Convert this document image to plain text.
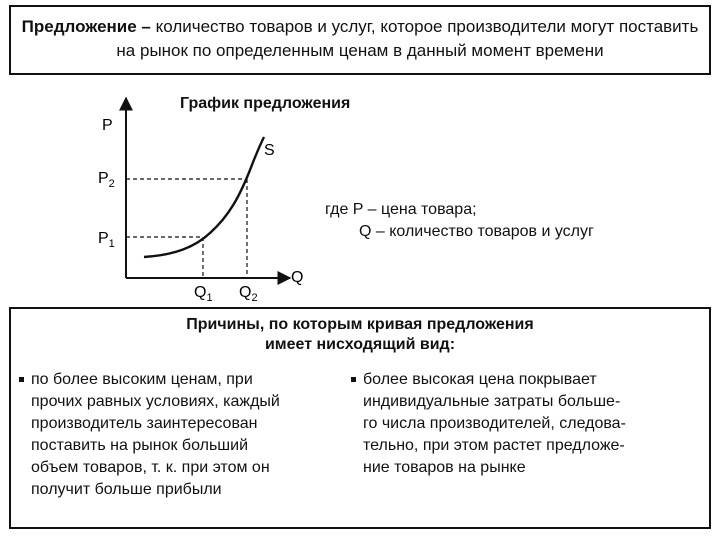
Предложение – количество товаров и услуг, которое производители могут поставить на рынок по определенным ценам в данный момент времени

График предложения
P
Q
S
$P_2$
$P_1$
$Q_1$ $Q_2$
где P – цена товара;
Q – количество товаров и услуг
Причины, по которым кривая предложения
имеет нисходящий вид:
по более высоким ценам, при
прочих равных условиях, каждый
производитель заинтересован
поставить на рынок больший
объем товаров, т. к. при этом он
получит больше прибыли
более высокая цена покрывает
индивидуальные затраты больше-
го числа производителей, следова-
тельно, при этом растет предложе-
ние товаров на рынке
